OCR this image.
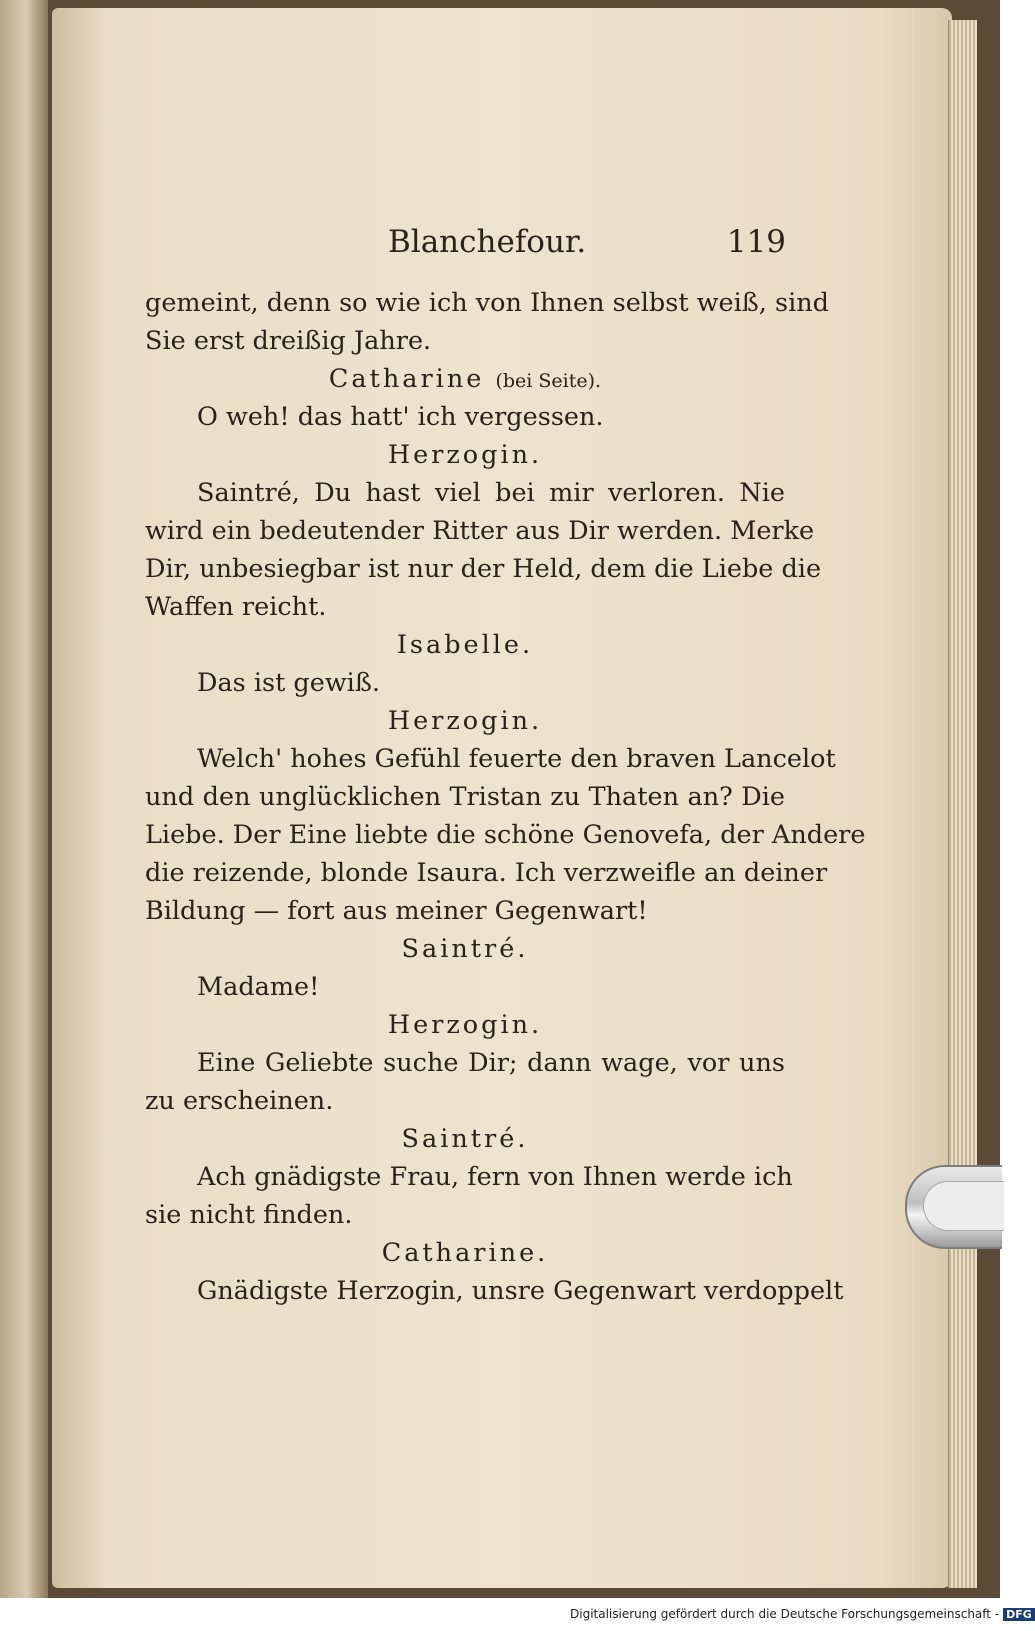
Blanchefour.	119
gemeint, denn so wie ich von Ihnen selbst weiß, sind
Sie erst dreißig Jahre.
Catharine (bei Seite).
O weh! das hatt' ich vergessen.
Herzogin.
Saintré, Du hast viel bei mir verloren. Nie
wird ein bedeutender Ritter aus Dir werden. Merke
Dir, unbesiegbar ist nur der Held, dem die Liebe die
Waffen reicht.
Isabelle.
Das ist gewiß.
Herzogin.
Welch' hohes Gefühl feuerte den braven Lancelot
und den unglücklichen Tristan zu Thaten an? Die
Liebe. Der Eine liebte die schöne Genovefa, der Andere
die reizende, blonde Isaura. Ich verzweifle an deiner
Bildung — fort aus meiner Gegenwart!
Saintré.
Madame!
Herzogin.
Eine Geliebte suche Dir; dann wage, vor uns
zu erscheinen.
Saintré.
Ach gnädigste Frau, fern von Ihnen werde ich
sie nicht finden.
Catharine.
Gnädigste Herzogin, unsre Gegenwart verdoppelt
Digitalisierung gefördert durch die Deutsche Forschungsgemeinschaft - DFG
